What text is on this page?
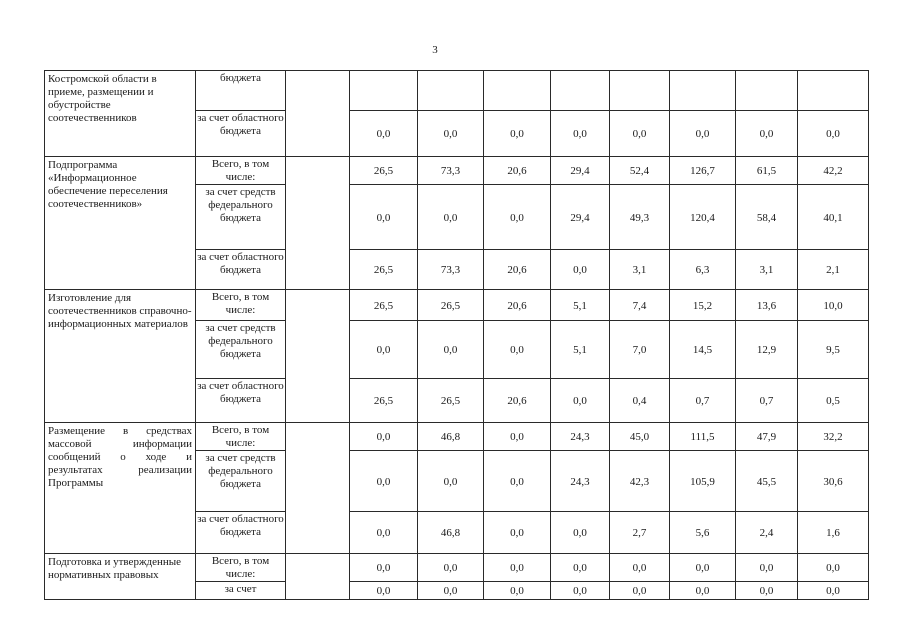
3
Костромской области в приеме, размещении и обустройстве соотечественников	бюджета									
	за счет областного бюджета		0,0	0,0	0,0	0,0	0,0	0,0	0,0	0,0
Подпрограмма «Информационное обеспечение переселения соотечественников»	Всего, в том числе:		26,5	73,3	20,6	29,4	52,4	126,7	61,5	42,2
	за счет средств федерального бюджета		0,0	0,0	0,0	29,4	49,3	120,4	58,4	40,1
	за счет областного бюджета		26,5	73,3	20,6	0,0	3,1	6,3	3,1	2,1
Изготовление для соотечественников справочно-информационных материалов	Всего, в том числе:		26,5	26,5	20,6	5,1	7,4	15,2	13,6	10,0
	за счет средств федерального бюджета		0,0	0,0	0,0	5,1	7,0	14,5	12,9	9,5
	за счет областного бюджета		26,5	26,5	20,6	0,0	0,4	0,7	0,7	0,5
Размещение в средствах массовой информации сообщений о ходе и результатах реализации Программы	Всего, в том числе:		0,0	46,8	0,0	24,3	45,0	111,5	47,9	32,2
	за счет средств федерального бюджета		0,0	0,0	0,0	24,3	42,3	105,9	45,5	30,6
	за счет областного бюджета		0,0	46,8	0,0	0,0	2,7	5,6	2,4	1,6
Подготовка и утвержденные нормативных правовых	Всего, в том числе:		0,0	0,0	0,0	0,0	0,0	0,0	0,0	0,0
	за счет		0,0	0,0	0,0	0,0	0,0	0,0	0,0	0,0
